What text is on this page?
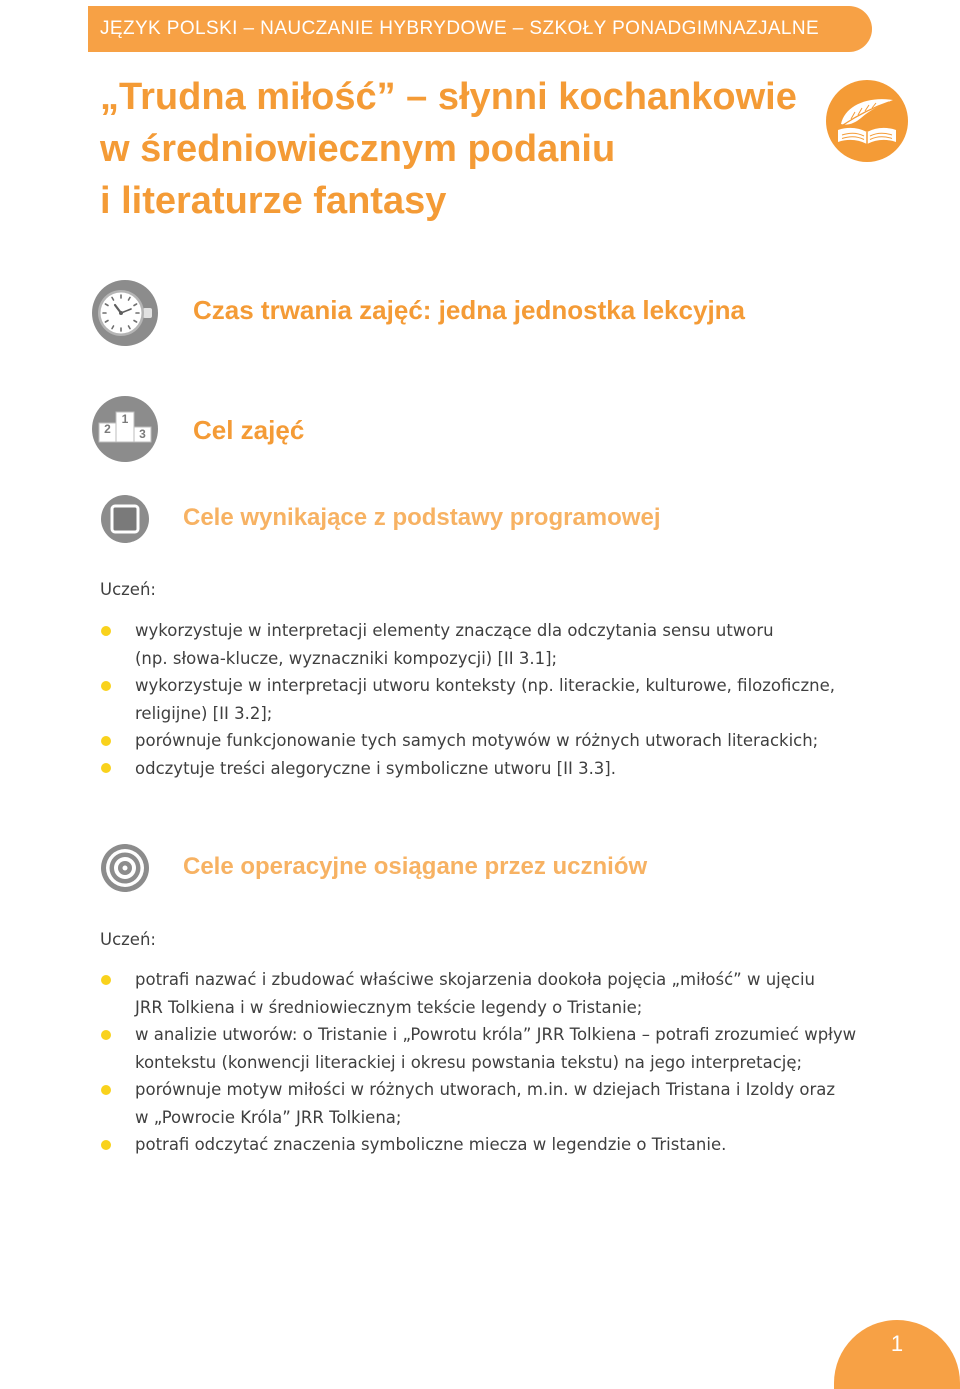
JĘZYK POLSKI – NAUCZANIE HYBRYDOWE – SZKOŁY PONADGIMNAZJALNE
„Trudna miłość” – słynni kochankowie
w średniowiecznym podaniu
i literaturze fantasy
Czas trwania zajęć: jedna jednostka lekcyjna
2
1
3 Cel zajęć
Cele wynikające z podstawy programowej
Uczeń:
wykorzystuje w interpretacji elementy znaczące dla odczytania sensu utworu
(np. słowa-klucze, wyznaczniki kompozycji) [II 3.1];
wykorzystuje w interpretacji utworu konteksty (np. literackie, kulturowe, filozoficzne,
religijne) [II 3.2];
porównuje funkcjonowanie tych samych motywów w różnych utworach literackich;
odczytuje treści alegoryczne i symboliczne utworu [II 3.3].
Cele operacyjne osiągane przez uczniów
Uczeń:
potrafi nazwać i zbudować właściwe skojarzenia dookoła pojęcia „miłość” w ujęciu
JRR Tolkiena i w średniowiecznym tekście legendy o Tristanie;
w analizie utworów: o Tristanie i „Powrotu króla” JRR Tolkiena – potrafi zrozumieć wpływ
kontekstu (konwencji literackiej i okresu powstania tekstu) na jego interpretację;
porównuje motyw miłości w różnych utworach, m.in. w dziejach Tristana i Izoldy oraz
w „Powrocie Króla” JRR Tolkiena;
potrafi odczytać znaczenia symboliczne miecza w legendzie o Tristanie.
1
